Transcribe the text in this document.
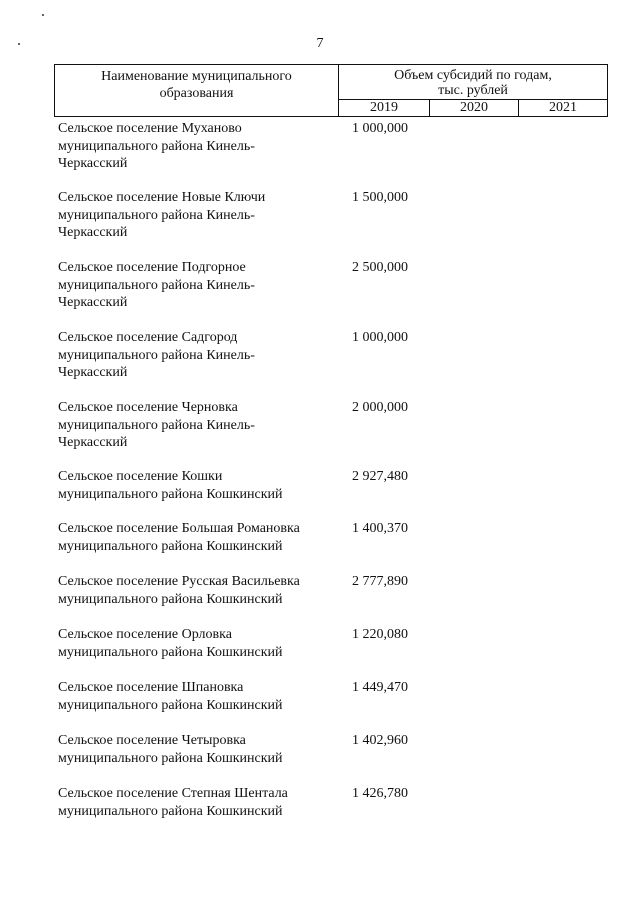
7
Наименование муниципального
образования
Объем субсидий по годам,
тыс. рублей
2019	2020	2021
Сельское поселение Муханово
муниципального района Кинель-
Черкасский
1 000,000
Сельское поселение Новые Ключи
муниципального района Кинель-
Черкасский
1 500,000
Сельское поселение Подгорное
муниципального района Кинель-
Черкасский
2 500,000
Сельское поселение Садгород
муниципального района Кинель-
Черкасский
1 000,000
Сельское поселение Черновка
муниципального района Кинель-
Черкасский
2 000,000
Сельское поселение Кошки
муниципального района Кошкинский
2 927,480
Сельское поселение Большая Романовка
муниципального района Кошкинский
1 400,370
Сельское поселение Русская Васильевка
муниципального района Кошкинский
2 777,890
Сельское поселение Орловка
муниципального района Кошкинский
1 220,080
Сельское поселение Шпановка
муниципального района Кошкинский
1 449,470
Сельское поселение Четыровка
муниципального района Кошкинский
1 402,960
Сельское поселение Степная Шентала
муниципального района Кошкинский
1 426,780
